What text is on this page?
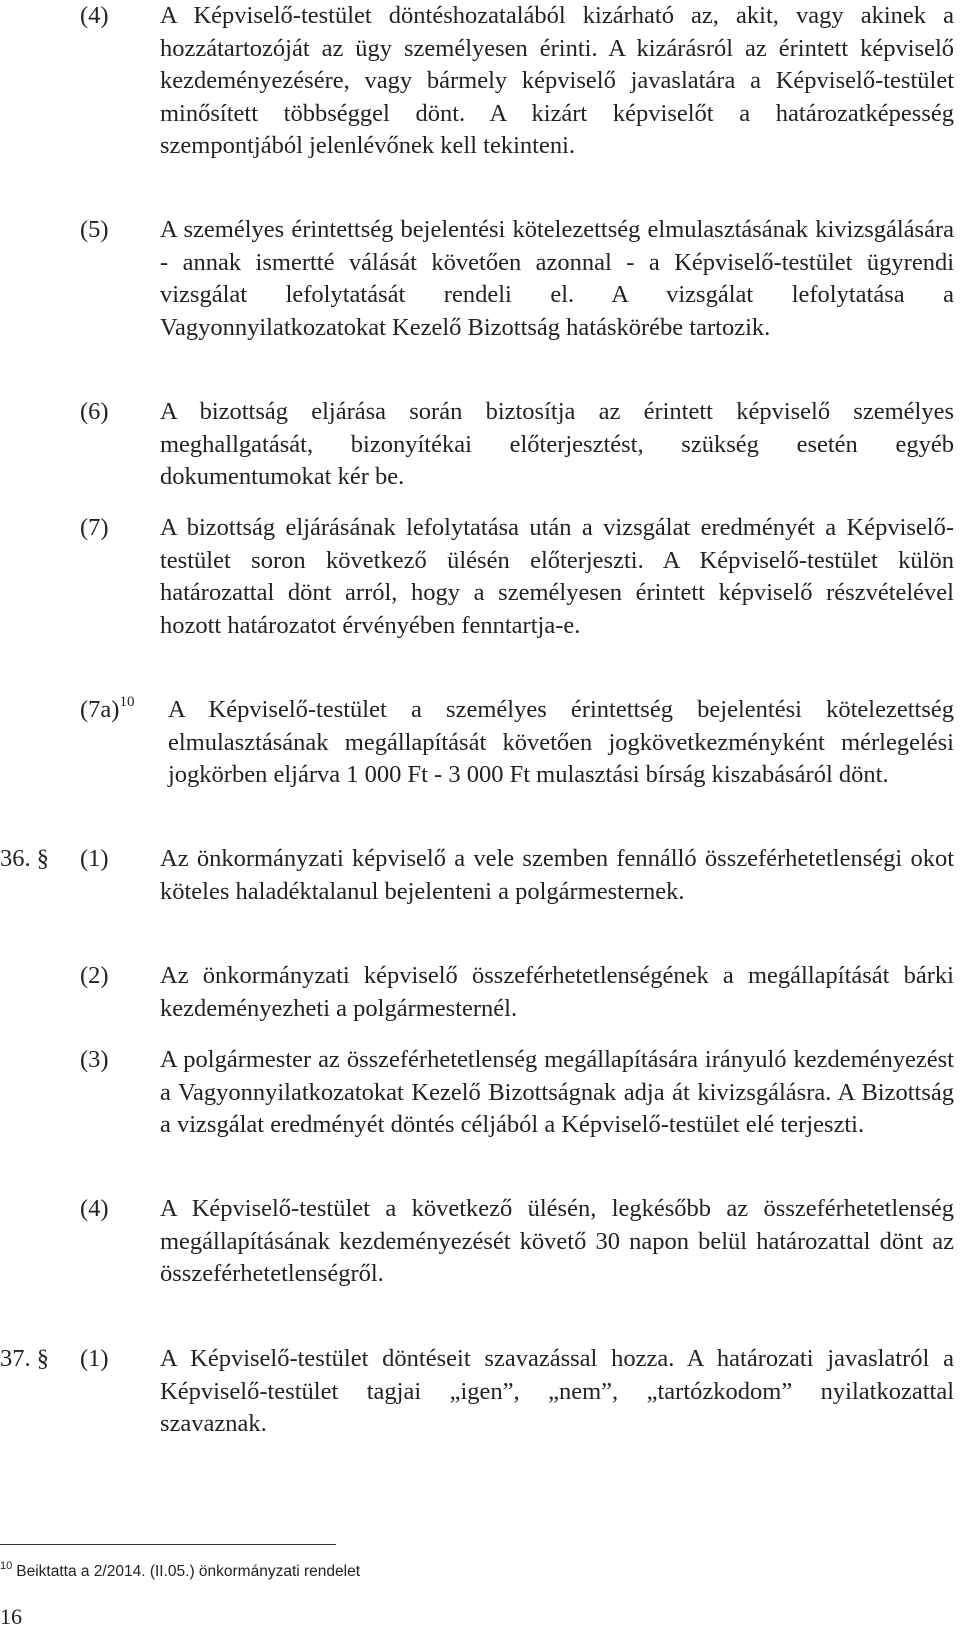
(4) A Képviselő-testület döntéshozatalából kizárható az, akit, vagy akinek a hozzátartozóját az ügy személyesen érinti. A kizárásról az érintett képviselő kezdeményezésére, vagy bármely képviselő javaslatára a Képviselő-testület minősített többséggel dönt. A kizárt képviselőt a határozatképesség szempontjából jelenlévőnek kell tekinteni.
(5) A személyes érintettség bejelentési kötelezettség elmulasztásának kivizsgálására - annak ismertté válását követően azonnal - a Képviselő-testület ügyrendi vizsgálat lefolytatását rendeli el. A vizsgálat lefolytatása a Vagyonnyilatkozatokat Kezelő Bizottság hatáskörébe tartozik.
(6) A bizottság eljárása során biztosítja az érintett képviselő személyes meghallgatását, bizonyítékai előterjesztést, szükség esetén egyéb dokumentumokat kér be.
(7) A bizottság eljárásának lefolytatása után a vizsgálat eredményét a Képviselő-testület soron következő ülésén előterjeszti. A Képviselő-testület külön határozattal dönt arról, hogy a személyesen érintett képviselő részvételével hozott határozatot érvényében fenntartja-e.
$(7a)^{10}$ A Képviselő-testület a személyes érintettség bejelentési kötelezettség elmulasztásának megállapítását követően jogkövetkezményként mérlegelési jogkörben eljárva 1 000 Ft - 3 000 Ft mulasztási bírság kiszabásáról dönt.
36. § (1) Az önkormányzati képviselő a vele szemben fennálló összeférhetetlenségi okot köteles haladéktalanul bejelenteni a polgármesternek.
(2) Az önkormányzati képviselő összeférhetetlenségének a megállapítását bárki kezdeményezheti a polgármesternél.
(3) A polgármester az összeférhetetlenség megállapítására irányuló kezdeményezést a Vagyonnyilatkozatokat Kezelő Bizottságnak adja át kivizsgálásra. A Bizottság a vizsgálat eredményét döntés céljából a Képviselő-testület elé terjeszti.
(4) A Képviselő-testület a következő ülésén, legkésőbb az összeférhetetlenség megállapításának kezdeményezését követő 30 napon belül határozattal dönt az összeférhetetlenségről.
37. § (1) A Képviselő-testület döntéseit szavazással hozza. A határozati javaslatról a Képviselő-testület tagjai „igen”, „nem”, „tartózkodom” nyilatkozattal szavaznak.
$^{10}$ Beiktatta a 2/2014. (II.05.) önkormányzati rendelet
16
